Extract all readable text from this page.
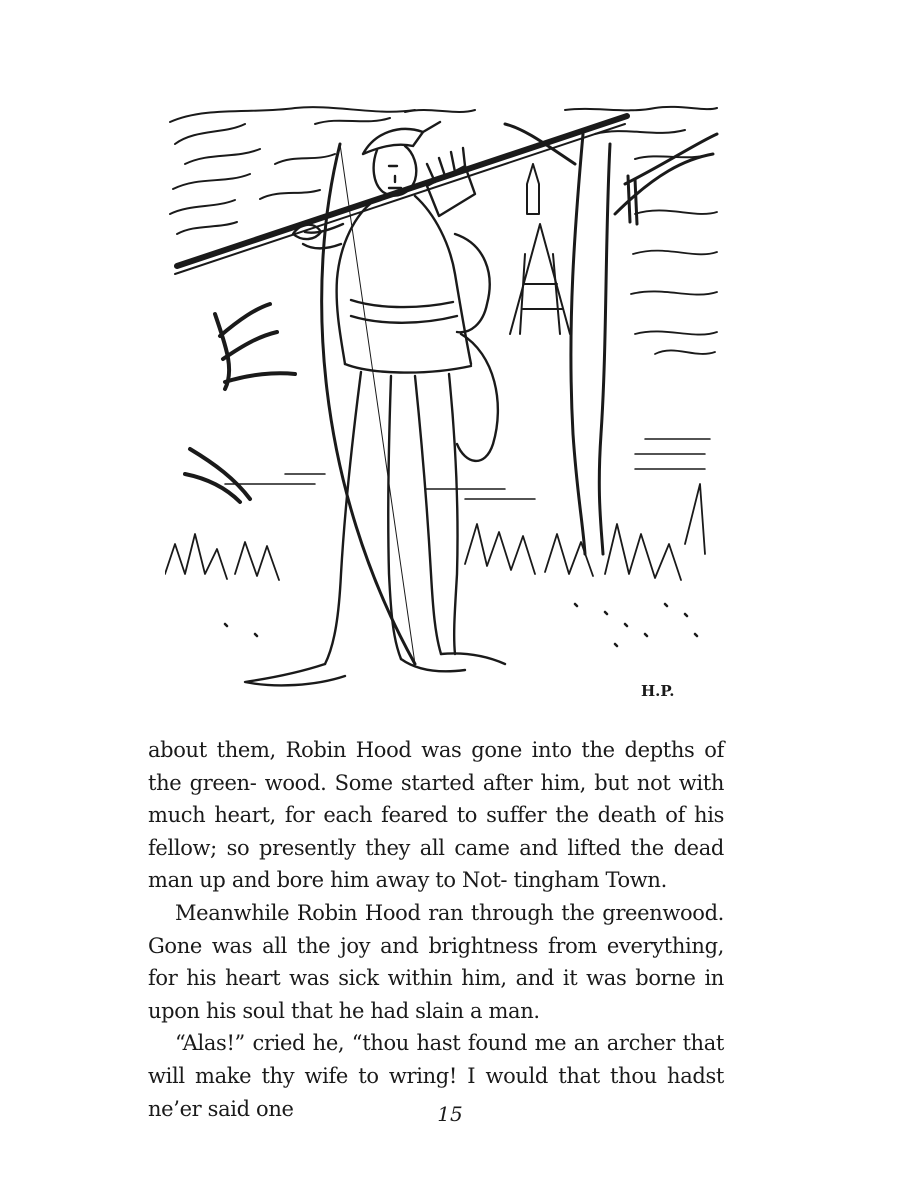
H.P.

about them, Robin Hood was gone into the depths of the green- wood. Some started after him, but not with much heart, for each feared to suffer the death of his fellow; so presently they all came and lifted the dead man up and bore him away to Not- tingham Town.

Meanwhile Robin Hood ran through the greenwood. Gone was all the joy and brightness from everything, for his heart was sick within him, and it was borne in upon his soul that he had slain a man.

“Alas!” cried he, “thou hast found me an archer that will make thy wife to wring! I would that thou hadst ne’er said one	15
